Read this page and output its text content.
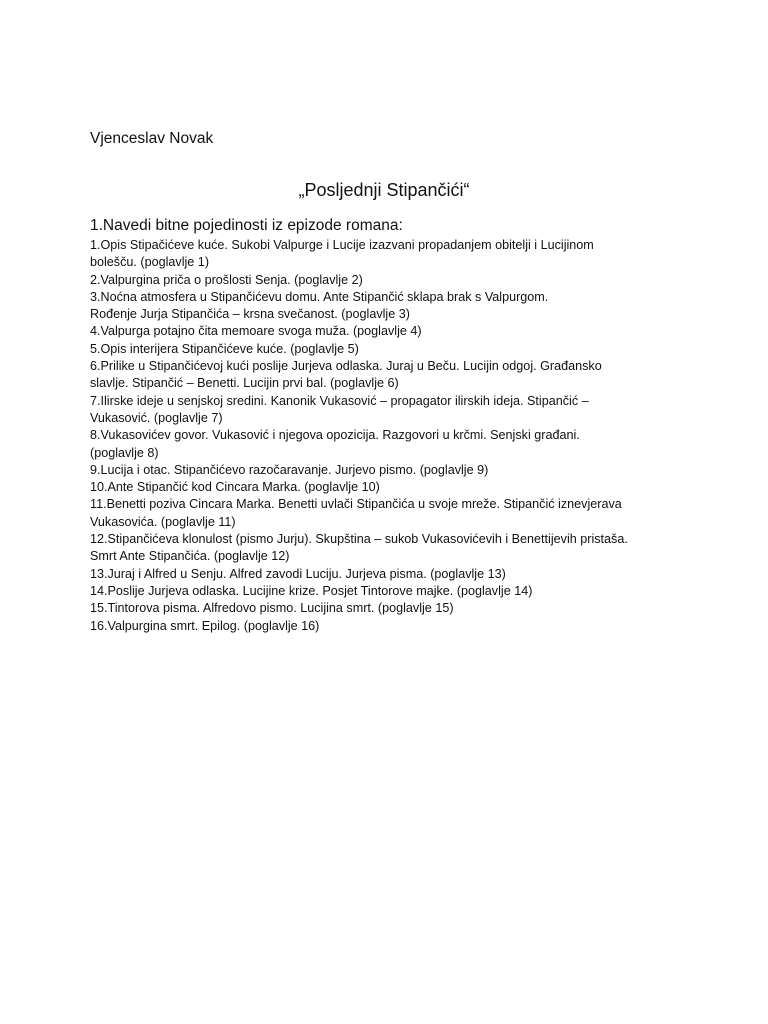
Vjenceslav Novak
„Posljednji Stipančići“
1.Navedi bitne pojedinosti iz epizode romana:
1.Opis Stipačićeve kuće. Sukobi Valpurge i Lucije izazvani propadanjem obitelji i Lucijinom
bolešču. (poglavlje 1)
2.Valpurgina priča o prošlosti Senja. (poglavlje 2)
3.Noćna atmosfera u Stipančićevu domu. Ante Stipančić sklapa brak s Valpurgom.
Rođenje Jurja Stipančića – krsna svečanost. (poglavlje 3)
4.Valpurga potajno čita memoare svoga muža. (poglavlje 4)
5.Opis interijera Stipančićeve kuće. (poglavlje 5)
6.Prilike u Stipančićevoj kući poslije Jurjeva odlaska. Juraj u Beču. Lucijin odgoj. Građansko
slavlje. Stipančić – Benetti. Lucijin prvi bal. (poglavlje 6)
7.Ilirske ideje u senjskoj sredini. Kanonik Vukasović – propagator ilirskih ideja. Stipančić –
Vukasović. (poglavlje 7)
8.Vukasovićev govor. Vukasović i njegova opozicija. Razgovori u krčmi. Senjski građani.
(poglavlje 8)
9.Lucija i otac. Stipančićevo razočaravanje. Jurjevo pismo. (poglavlje 9)
10.Ante Stipančić kod Cincara Marka. (poglavlje 10)
11.Benetti poziva Cincara Marka. Benetti uvlači Stipančića u svoje mreže. Stipančić iznevjerava
Vukasovića. (poglavlje 11)
12.Stipančićeva klonulost (pismo Jurju). Skupština – sukob Vukasovićevih i Benettijevih pristaša.
Smrt Ante Stipančića. (poglavlje 12)
13.Juraj i Alfred u Senju. Alfred zavodi Luciju. Jurjeva pisma. (poglavlje 13)
14.Poslije Jurjeva odlaska. Lucijine krize. Posjet Tintorove majke. (poglavlje 14)
15.Tintorova pisma. Alfredovo pismo. Lucijina smrt. (poglavlje 15)
16.Valpurgina smrt. Epilog. (poglavlje 16)
